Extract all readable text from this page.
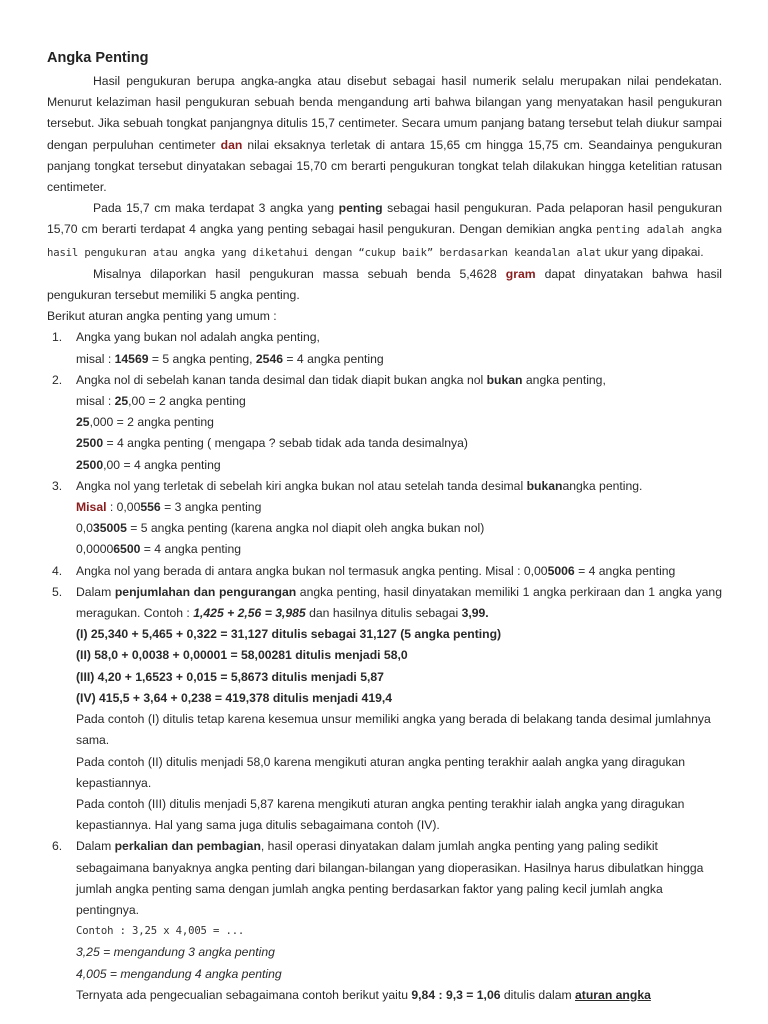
Angka Penting

Hasil pengukuran berupa angka-angka atau disebut sebagai hasil numerik selalu merupakan nilai pendekatan. Menurut kelaziman hasil pengukuran sebuah benda mengandung arti bahwa bilangan yang menyatakan hasil pengukuran tersebut. Jika sebuah tongkat panjangnya ditulis 15,7 centimeter. Secara umum panjang batang tersebut telah diukur sampai dengan perpuluhan centimeter dan nilai eksaknya terletak di antara 15,65 cm hingga 15,75 cm. Seandainya pengukuran panjang tongkat tersebut dinyatakan sebagai 15,70 cm berarti pengukuran tongkat telah dilakukan hingga ketelitian ratusan centimeter.

Pada 15,7 cm maka terdapat 3 angka yang penting sebagai hasil pengukuran. Pada pelaporan hasil pengukuran 15,70 cm berarti terdapat 4 angka yang penting sebagai hasil pengukuran. Dengan demikian angka penting adalah angka hasil pengukuran atau angka yang diketahui dengan “cukup baik” berdasarkan keandalan alat ukur yang dipakai.

Misalnya dilaporkan hasil pengukuran massa sebuah benda 5,4628 gram dapat dinyatakan bahwa hasil pengukuran tersebut memiliki 5 angka penting.

Berikut aturan angka penting yang umum :

1. Angka yang bukan nol adalah angka penting,
misal : 14569 = 5 angka penting, 2546 = 4 angka penting
2. Angka nol di sebelah kanan tanda desimal dan tidak diapit bukan angka nol bukan angka penting,
misal : 25,00 = 2 angka penting
25,000 = 2 angka penting
2500 = 4 angka penting ( mengapa ? sebab tidak ada tanda desimalnya)
2500,00 = 4 angka penting
3. Angka nol yang terletak di sebelah kiri angka bukan nol atau setelah tanda desimal bukanangka penting.
Misal : 0,00556 = 3 angka penting
0,035005 = 5 angka penting (karena angka nol diapit oleh angka bukan nol)
0,00006500 = 4 angka penting
4. Angka nol yang berada di antara angka bukan nol termasuk angka penting. Misal : 0,005006 = 4 angka penting
5. Dalam penjumlahan dan pengurangan angka penting, hasil dinyatakan memiliki 1 angka perkiraan dan 1 angka yang meragukan. Contoh : 1,425 + 2,56 = 3,985 dan hasilnya ditulis sebagai 3,99.
(I) 25,340 + 5,465 + 0,322 = 31,127 ditulis sebagai 31,127 (5 angka penting)
(II) 58,0 + 0,0038 + 0,00001 = 58,00281 ditulis menjadi 58,0
(III) 4,20 + 1,6523 + 0,015 = 5,8673 ditulis menjadi 5,87
(IV) 415,5 + 3,64 + 0,238 = 419,378 ditulis menjadi 419,4
Pada contoh (I) ditulis tetap karena kesemua unsur memiliki angka yang berada di belakang tanda desimal jumlahnya sama.
Pada contoh (II) ditulis menjadi 58,0 karena mengikuti aturan angka penting terakhir aalah angka yang diragukan kepastiannya.
Pada contoh (III) ditulis menjadi 5,87 karena mengikuti aturan angka penting terakhir ialah angka yang diragukan kepastiannya. Hal yang sama juga ditulis sebagaimana contoh (IV).
6. Dalam perkalian dan pembagian, hasil operasi dinyatakan dalam jumlah angka penting yang paling sedikit sebagaimana banyaknya angka penting dari bilangan-bilangan yang dioperasikan. Hasilnya harus dibulatkan hingga jumlah angka penting sama dengan jumlah angka penting berdasarkan faktor yang paling kecil jumlah angka pentingnya.
Contoh : 3,25 x 4,005 = ...
3,25 = mengandung 3 angka penting
4,005 = mengandung 4 angka penting
Ternyata ada pengecualian sebagaimana contoh berikut yaitu 9,84 : 9,3 = 1,06 ditulis dalam aturan angka
